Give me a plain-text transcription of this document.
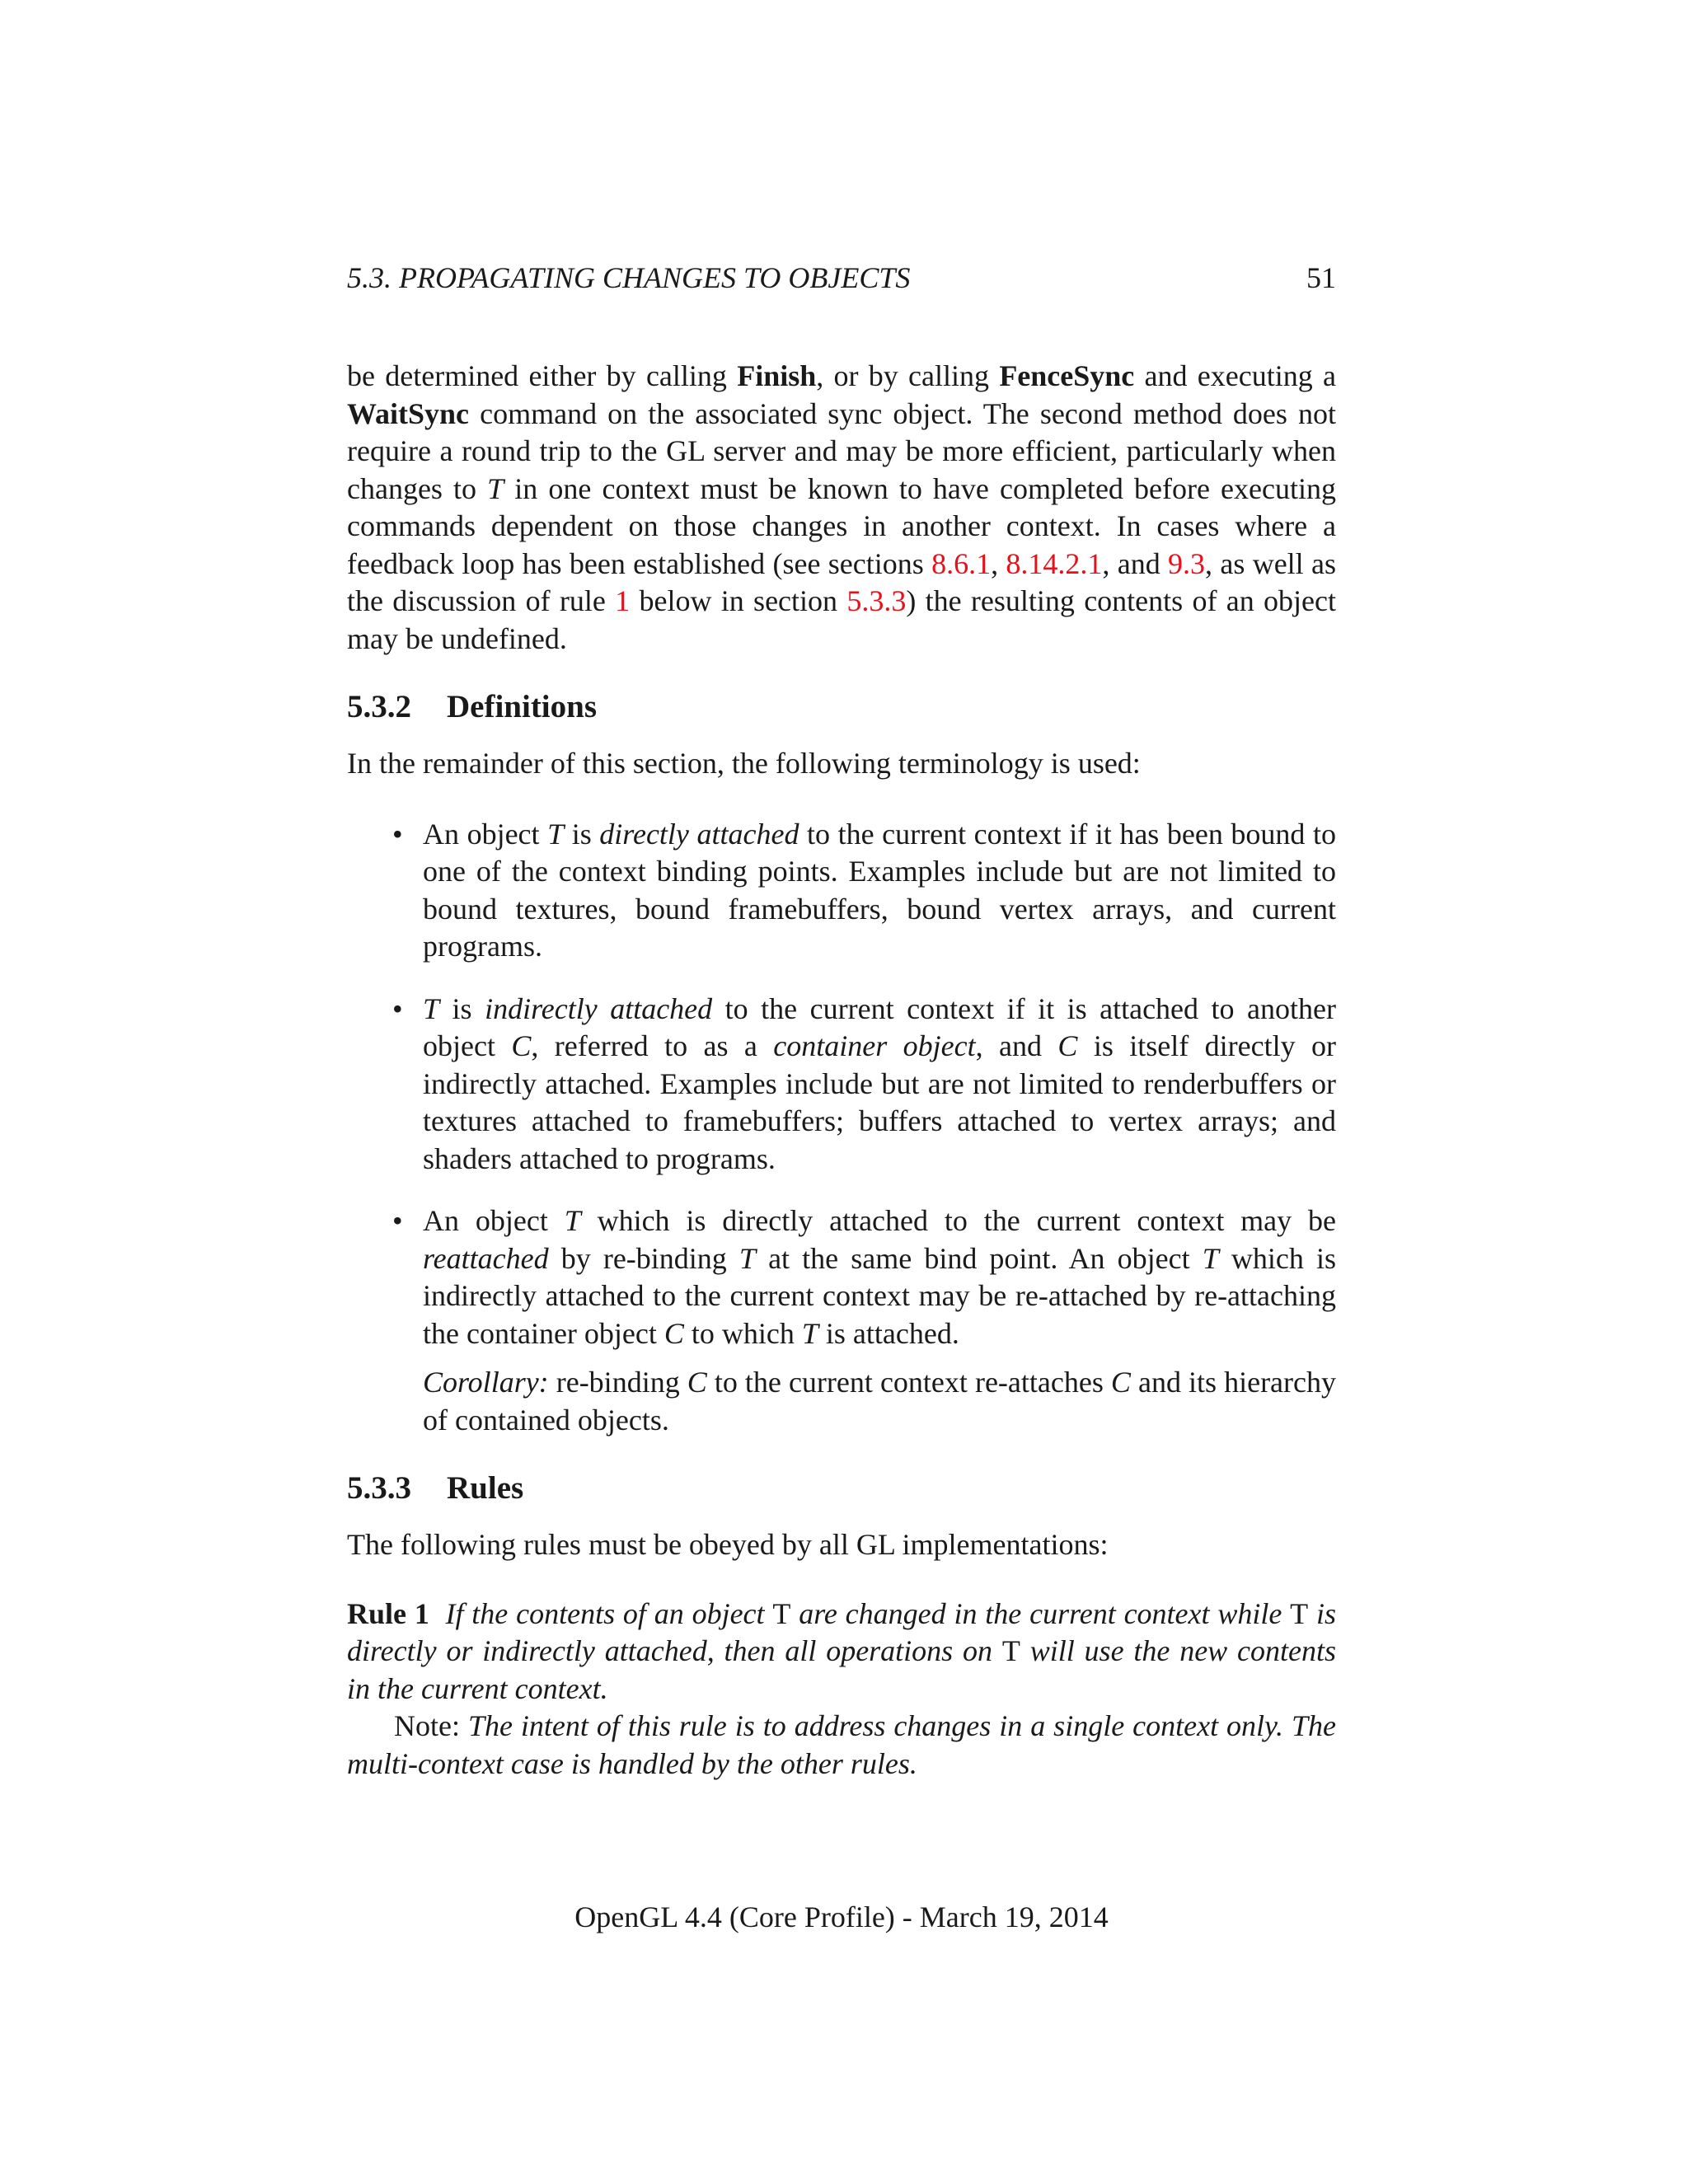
5.3. PROPAGATING CHANGES TO OBJECTS	51

be determined either by calling Finish, or by calling FenceSync and executing a WaitSync command on the associated sync object. The second method does not require a round trip to the GL server and may be more efficient, particularly when changes to T in one context must be known to have completed before executing commands dependent on those changes in another context. In cases where a feedback loop has been established (see sections 8.6.1, 8.14.2.1, and 9.3, as well as the discussion of rule 1 below in section 5.3.3) the resulting contents of an object may be undefined.

5.3.2 Definitions

In the remainder of this section, the following terminology is used:

• An object T is directly attached to the current context if it has been bound to one of the context binding points. Examples include but are not limited to bound textures, bound framebuffers, bound vertex arrays, and current programs.

• T is indirectly attached to the current context if it is attached to another object C, referred to as a container object, and C is itself directly or indirectly attached. Examples include but are not limited to renderbuffers or textures attached to framebuffers; buffers attached to vertex arrays; and shaders attached to programs.

• An object T which is directly attached to the current context may be reattached by re-binding T at the same bind point. An object T which is indirectly attached to the current context may be re-attached by re-attaching the container object C to which T is attached.

Corollary: re-binding C to the current context re-attaches C and its hierarchy of contained objects.

5.3.3 Rules

The following rules must be obeyed by all GL implementations:

Rule 1 If the contents of an object T are changed in the current context while T is directly or indirectly attached, then all operations on T will use the new contents in the current context.

Note: The intent of this rule is to address changes in a single context only. The multi-context case is handled by the other rules.

OpenGL 4.4 (Core Profile) - March 19, 2014
